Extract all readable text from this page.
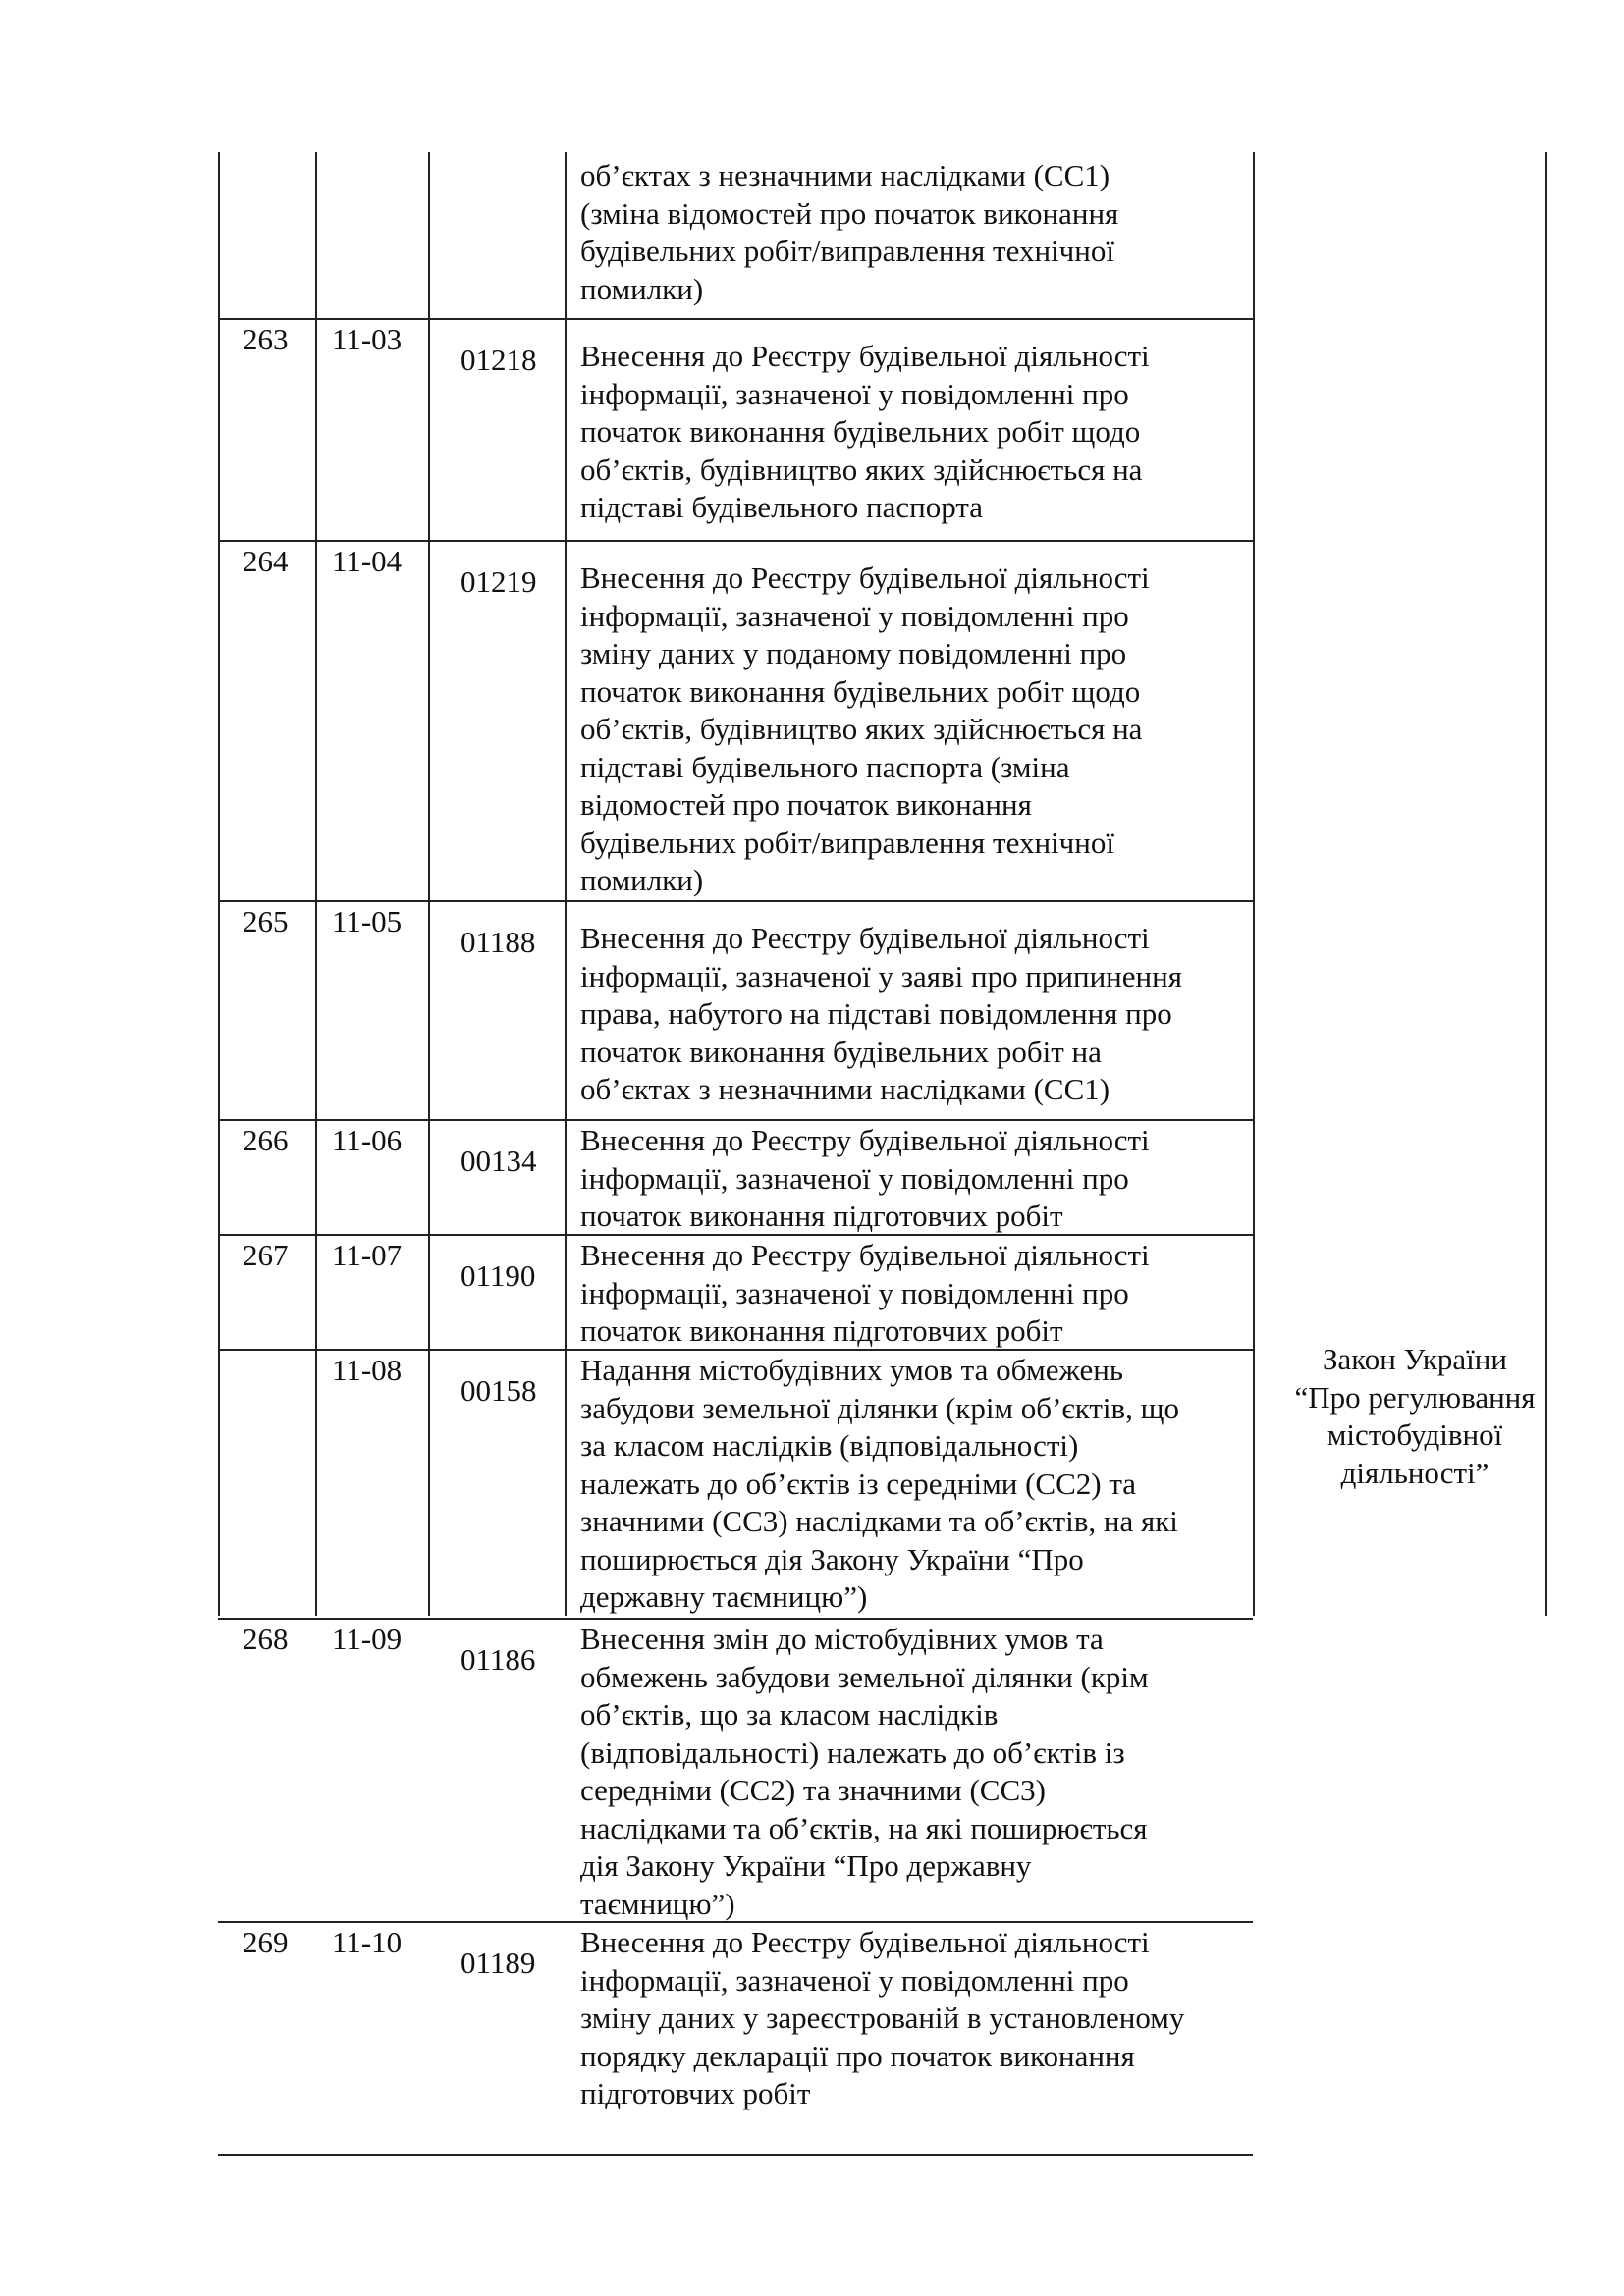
об’єктах з незначними наслідками (СС1)
(зміна відомостей про початок виконання
будівельних робіт/виправлення технічної
помилки)
263 11-03
01218 Внесення до Реєстру будівельної діяльності
інформації, зазначеної у повідомленні про
початок виконання будівельних робіт щодо
об’єктів, будівництво яких здійснюється на
підставі будівельного паспорта
264 11-04
01219 Внесення до Реєстру будівельної діяльності
інформації, зазначеної у повідомленні про
зміну даних у поданому повідомленні про
початок виконання будівельних робіт щодо
об’єктів, будівництво яких здійснюється на
підставі будівельного паспорта (зміна
відомостей про початок виконання
будівельних робіт/виправлення технічної
помилки)
265 11-05
01188 Внесення до Реєстру будівельної діяльності
інформації, зазначеної у заяві про припинення
права, набутого на підставі повідомлення про
початок виконання будівельних робіт на
об’єктах з незначними наслідками (СС1)
266 11-06
00134
Внесення до Реєстру будівельної діяльності
інформації, зазначеної у повідомленні про
початок виконання підготовчих робіт
267 11-07
01190
Внесення до Реєстру будівельної діяльності
інформації, зазначеної у повідомленні про
початок виконання підготовчих робіт
11-08
00158
Надання містобудівних умов та обмежень
забудови земельної ділянки (крім об’єктів, що
за класом наслідків (відповідальності)
належать до об’єктів із середніми (СС2) та
значними (СС3) наслідками та об’єктів, на які
поширюється дія Закону України “Про
державну таємницю”)
268 11-09
01186
Внесення змін до містобудівних умов та
обмежень забудови земельної ділянки (крім
об’єктів, що за класом наслідків
(відповідальності) належать до об’єктів із
середніми (СС2) та значними (СС3)
наслідками та об’єктів, на які поширюється
дія Закону України “Про державну
таємницю”)
269 11-10
01189
Внесення до Реєстру будівельної діяльності
інформації, зазначеної у повідомленні про
зміну даних у зареєстрованій в установленому
порядку декларації про початок виконання
підготовчих робіт
Закон України
“Про регулювання
містобудівної
діяльності”
